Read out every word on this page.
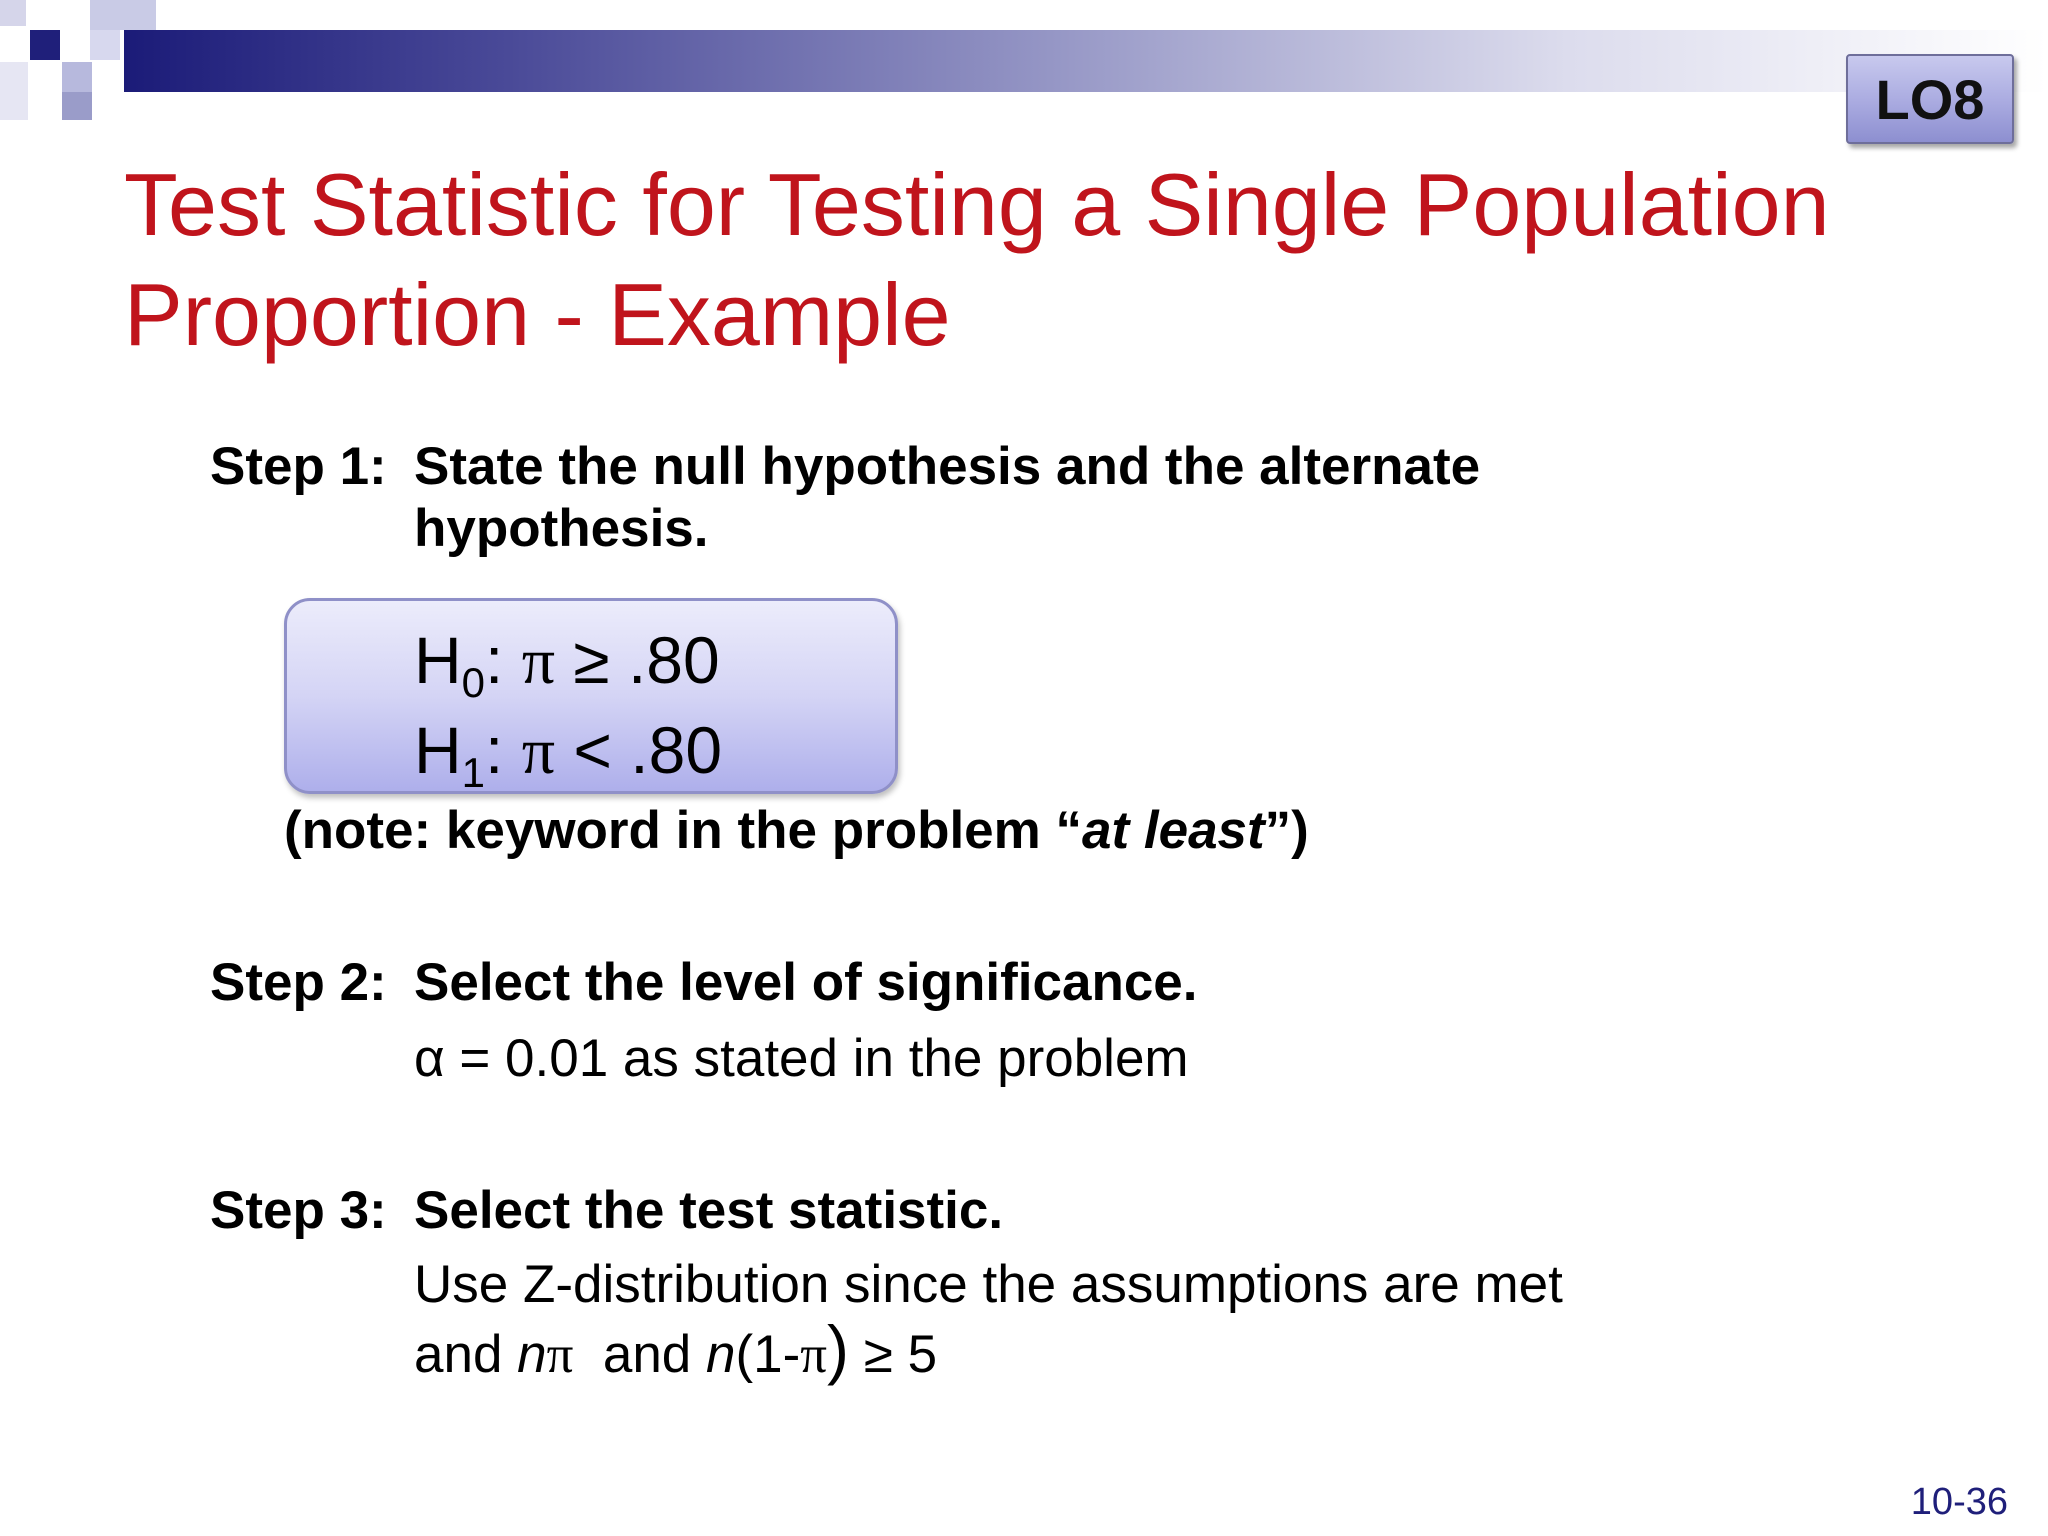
LO8
Test Statistic for Testing a Single Population
Proportion - Example
Step 1: State the null hypothesis and the alternate
hypothesis.
$H_0$: π ≥ .80
$H_1$: π < .80
(note: keyword in the problem “at least”)
Step 2: Select the level of significance.
α = 0.01 as stated in the problem
Step 3: Select the test statistic.
Use Z-distribution since the assumptions are met
and nπ  and n(1-π) ≥ 5
10-36
